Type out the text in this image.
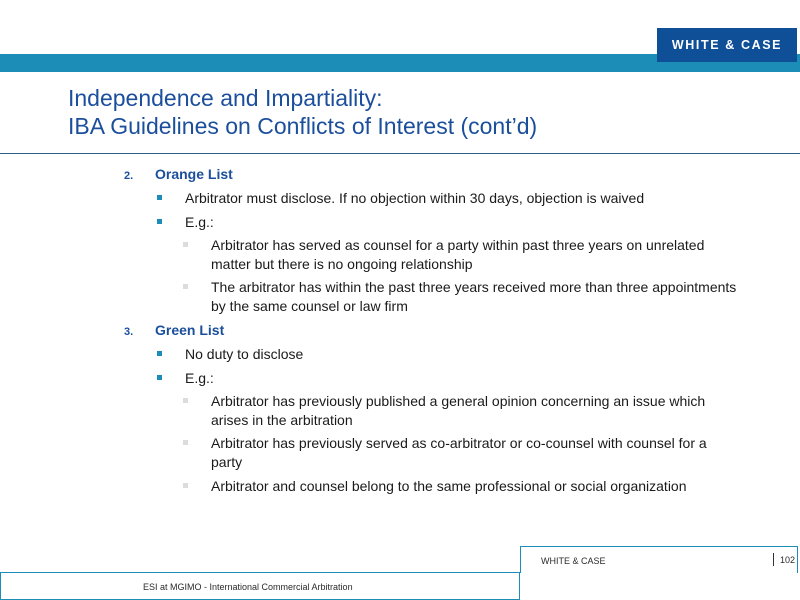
WHITE & CASE
Independence and Impartiality:
IBA Guidelines on Conflicts of Interest (cont’d)
2. Orange List
Arbitrator must disclose. If no objection within 30 days, objection is waived
E.g.:
Arbitrator has served as counsel for a party within past three years on unrelated matter but there is no ongoing relationship
The arbitrator has within the past three years received more than three appointments by the same counsel or law firm
3. Green List
No duty to disclose
E.g.:
Arbitrator has previously published a general opinion concerning an issue which arises in the arbitration
Arbitrator has previously served as co-arbitrator or co-counsel with counsel for a party
Arbitrator and counsel belong to the same professional or social organization
WHITE & CASE	102
ESI at MGIMO - International Commercial Arbitration
